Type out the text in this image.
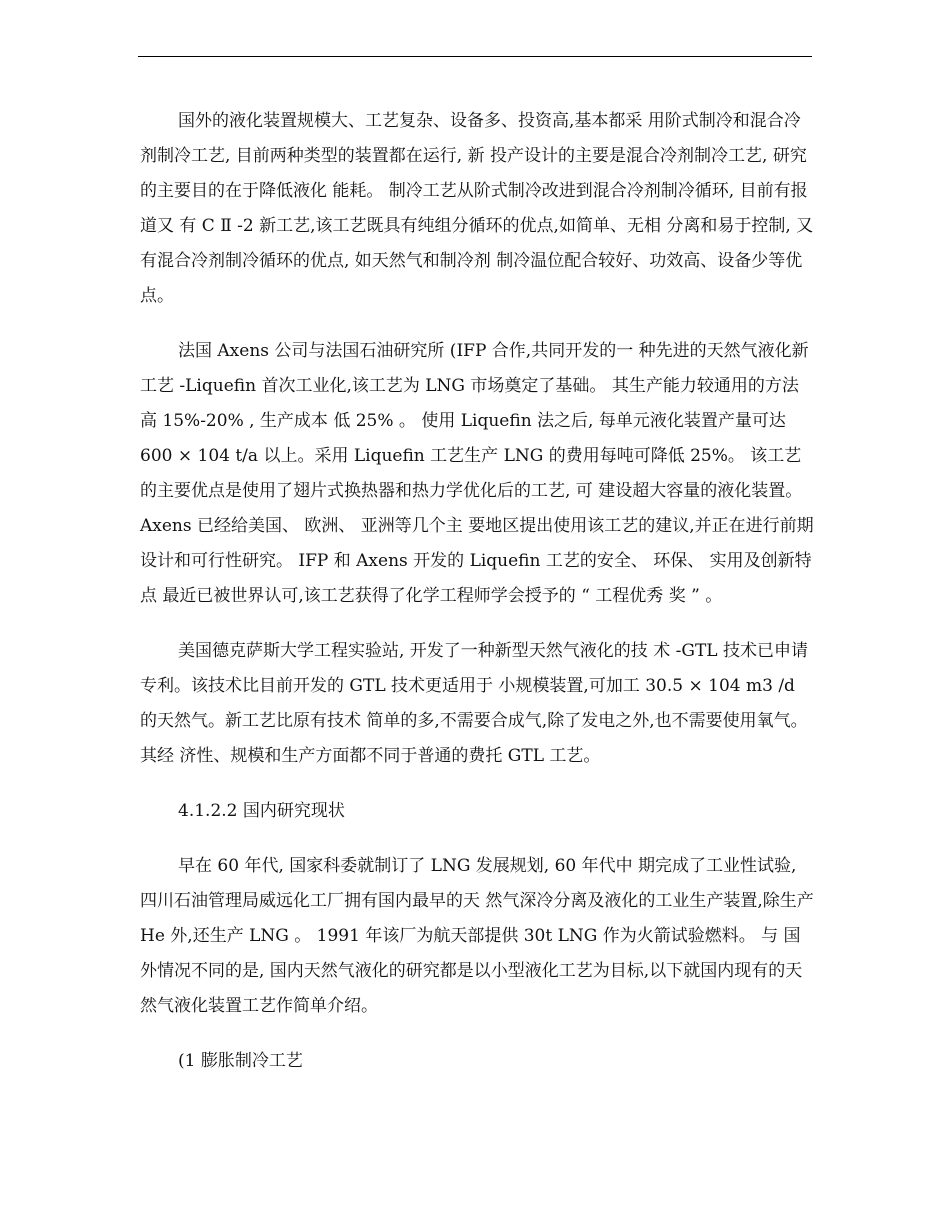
国外的液化装置规模大、工艺复杂、设备多、投资高,基本都采 用阶式制冷和混合冷剂制冷工艺, 目前两种类型的装置都在运行, 新 投产设计的主要是混合冷剂制冷工艺, 研究的主要目的在于降低液化 能耗。 制冷工艺从阶式制冷改进到混合冷剂制冷循环, 目前有报道又 有 C Ⅱ -2 新工艺,该工艺既具有纯组分循环的优点,如简单、无相 分离和易于控制, 又有混合冷剂制冷循环的优点, 如天然气和制冷剂 制冷温位配合较好、功效高、设备少等优点。

法国 Axens 公司与法国石油研究所 (IFP 合作,共同开发的一 种先进的天然气液化新工艺 -Liquefin 首次工业化,该工艺为 LNG 市场奠定了基础。 其生产能力较通用的方法高 15%-20% , 生产成本 低 25% 。 使用 Liquefin 法之后, 每单元液化装置产量可达 600 × 104 t/a 以上。采用 Liquefin 工艺生产 LNG 的费用每吨可降低 25%。 该工艺的主要优点是使用了翅片式换热器和热力学优化后的工艺, 可 建设超大容量的液化装置。 Axens 已经给美国、 欧洲、 亚洲等几个主 要地区提出使用该工艺的建议,并正在进行前期设计和可行性研究。 IFP 和 Axens 开发的 Liquefin 工艺的安全、 环保、 实用及创新特点 最近已被世界认可,该工艺获得了化学工程师学会授予的 “ 工程优秀 奖 ” 。

美国德克萨斯大学工程实验站, 开发了一种新型天然气液化的技 术 -GTL 技术已申请专利。该技术比目前开发的 GTL 技术更适用于 小规模装置,可加工 30.5 × 104 m3 /d 的天然气。新工艺比原有技术 简单的多,不需要合成气,除了发电之外,也不需要使用氧气。其经 济性、规模和生产方面都不同于普通的费托 GTL 工艺。

4.1.2.2 国内研究现状

早在 60 年代, 国家科委就制订了 LNG 发展规划, 60 年代中 期完成了工业性试验, 四川石油管理局威远化工厂拥有国内最早的天 然气深冷分离及液化的工业生产装置,除生产 He 外,还生产 LNG 。 1991 年该厂为航天部提供 30t LNG 作为火箭试验燃料。 与 国外情况不同的是, 国内天然气液化的研究都是以小型液化工艺为目标,以下就国内现有的天然气液化装置工艺作简单介绍。

(1 膨胀制冷工艺
